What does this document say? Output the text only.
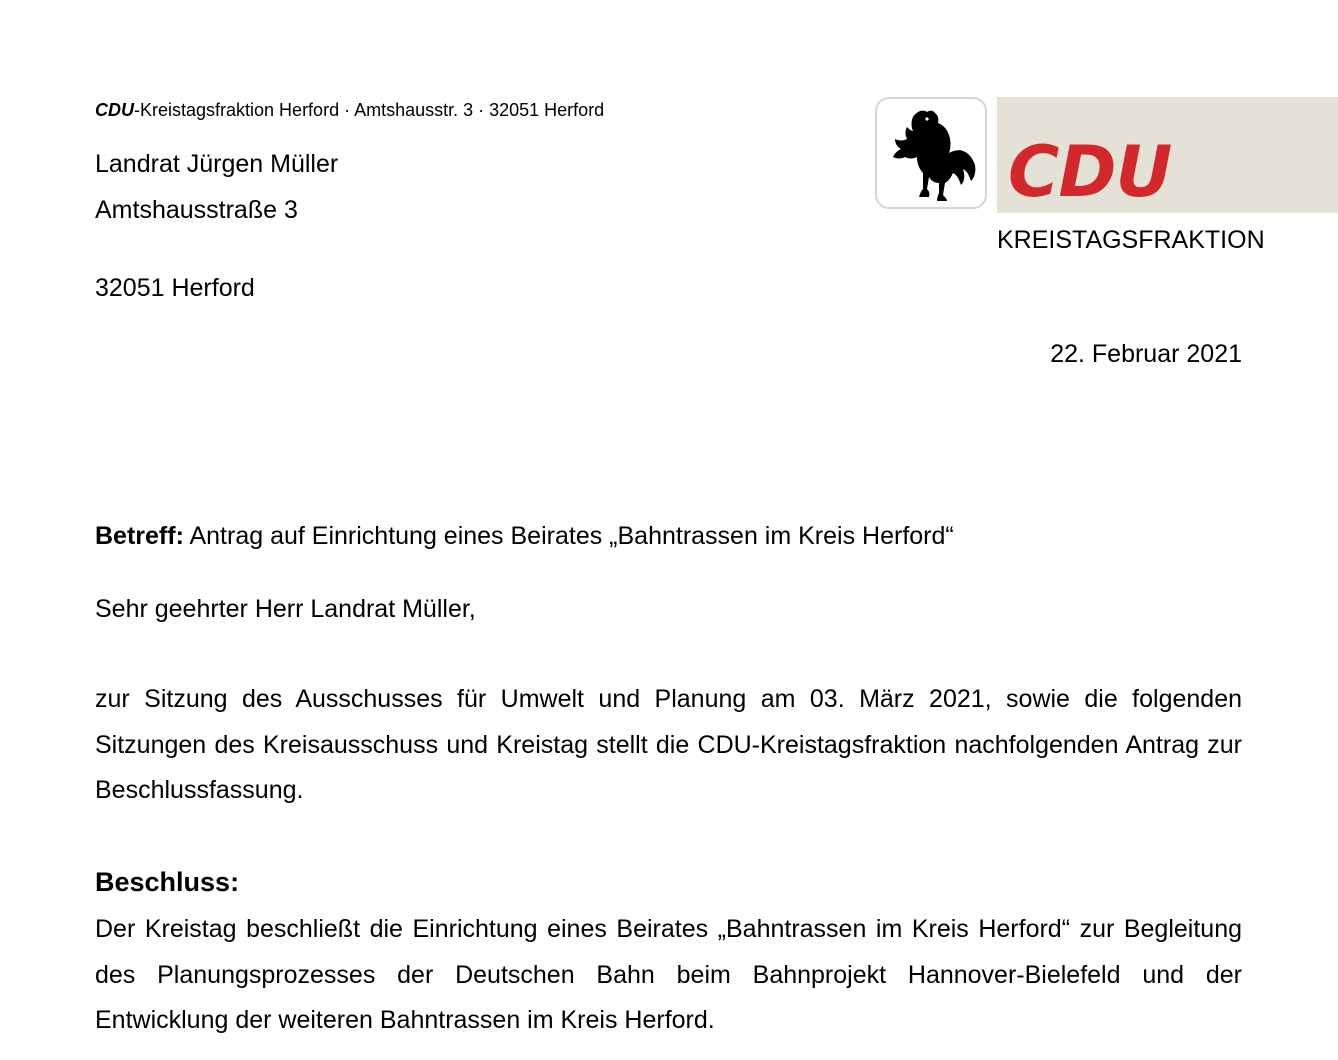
CDU-Kreistagsfraktion Herford · Amtshausstr. 3 · 32051 Herford
Landrat Jürgen Müller
Amtshausstraße 3
32051 Herford
CDU
KREISTAGSFRAKTION
22. Februar 2021
Betreff: Antrag auf Einrichtung eines Beirates „Bahntrassen im Kreis Herford“
Sehr geehrter Herr Landrat Müller,

zur Sitzung des Ausschusses für Umwelt und Planung am 03. März 2021, sowie die folgenden Sitzungen des Kreisausschuss und Kreistag stellt die CDU-Kreistagsfraktion nachfolgenden Antrag zur Beschlussfassung.

Beschluss:

Der Kreistag beschließt die Einrichtung eines Beirates „Bahntrassen im Kreis Herford“ zur Begleitung des Planungsprozesses der Deutschen Bahn beim Bahnprojekt Hannover-Bielefeld und der Entwicklung der weiteren Bahntrassen im Kreis Herford.
